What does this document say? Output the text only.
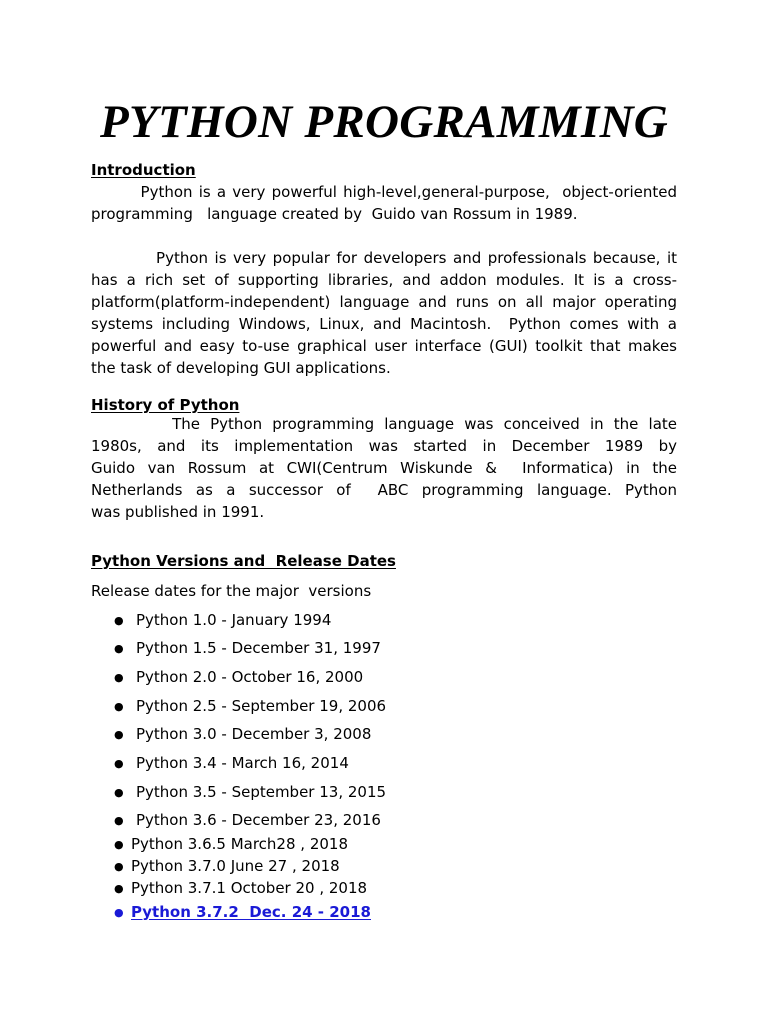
PYTHON PROGRAMMING
Introduction

Python is a very powerful high-level,general-purpose,  object-oriented
programming   language created by  Guido van Rossum in 1989.

Python is very popular for developers and professionals because, it
has a rich set of supporting libraries, and addon modules. It is a cross-
platform(platform-independent) language and runs on all major operating
systems including Windows, Linux, and Macintosh.  Python comes with a
powerful and easy to-use graphical user interface (GUI) toolkit that makes
the task of developing GUI applications.

History of Python

The Python programming language was conceived in the late
1980s, and its implementation was started in December 1989 by
Guido van Rossum at CWI(Centrum Wiskunde &  Informatica) in the
Netherlands as a successor of  ABC programming language. Python
was published in 1991.

Python Versions and  Release Dates

Release dates for the major  versions

● Python 1.0 - January 1994
● Python 1.5 - December 31, 1997
● Python 2.0 - October 16, 2000
● Python 2.5 - September 19, 2006
● Python 3.0 - December 3, 2008
● Python 3.4 - March 16, 2014
● Python 3.5 - September 13, 2015
● Python 3.6 - December 23, 2016
● Python 3.6.5 March28 , 2018
● Python 3.7.0 June 27 , 2018
● Python 3.7.1 October 20 , 2018
● Python 3.7.2  Dec. 24 - 2018
